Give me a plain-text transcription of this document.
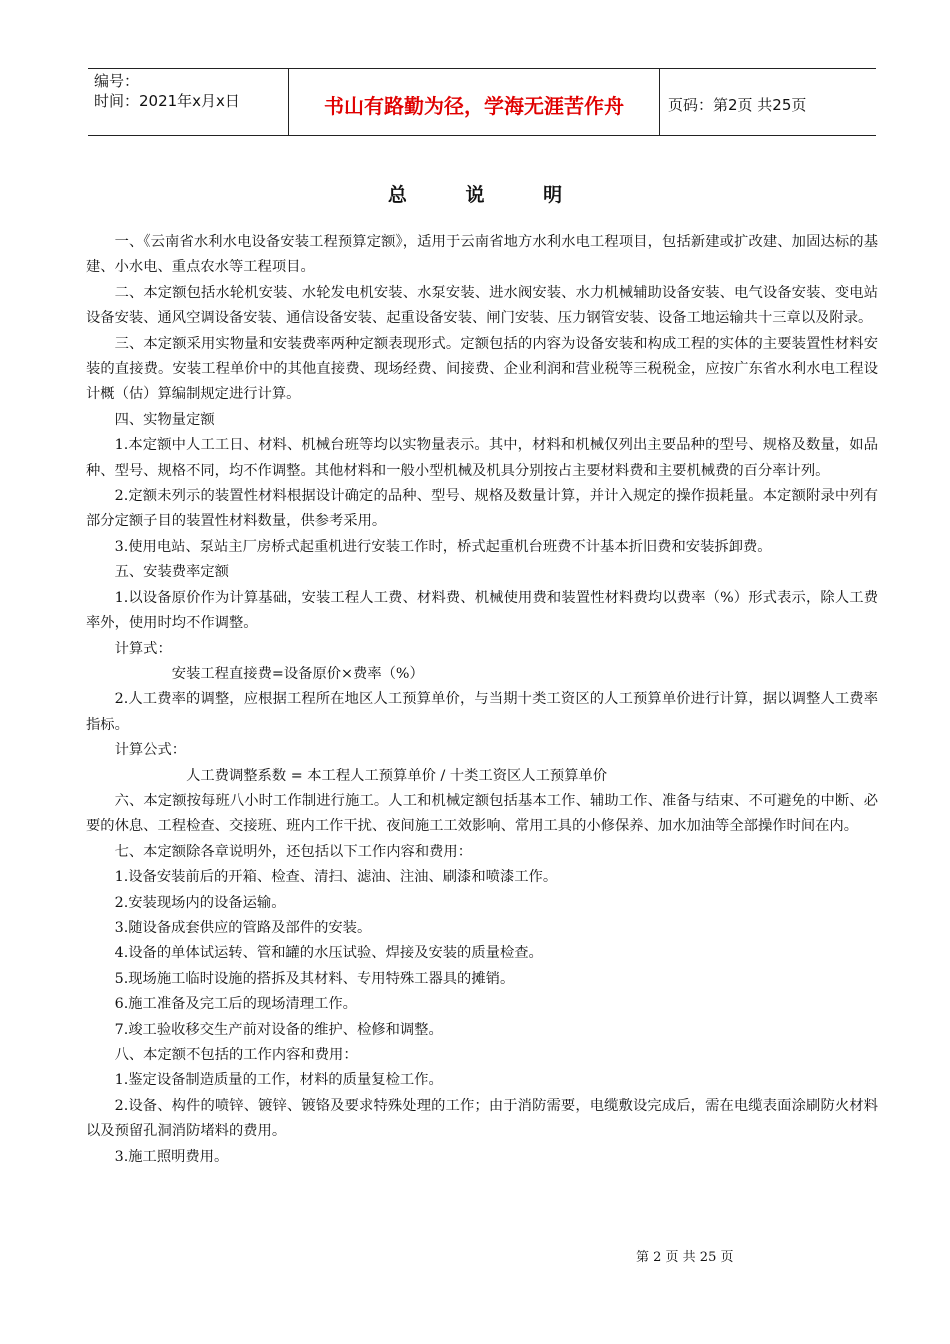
编号：
时间：2021年x月x日	书山有路勤为径，学海无涯苦作舟	页码：第2页 共25页
总 说 明

一、《云南省水利水电设备安装工程预算定额》，适用于云南省地方水利水电工程项目，包括新建或扩改建、加固达标的基建、小水电、重点农水等工程项目。

二、本定额包括水轮机安装、水轮发电机安装、水泵安装、进水阀安装、水力机械辅助设备安装、电气设备安装、变电站设备安装、通风空调设备安装、通信设备安装、起重设备安装、闸门安装、压力钢管安装、设备工地运输共十三章以及附录。

三、本定额采用实物量和安装费率两种定额表现形式。定额包括的内容为设备安装和构成工程的实体的主要装置性材料安装的直接费。安装工程单价中的其他直接费、现场经费、间接费、企业利润和营业税等三税税金，应按广东省水利水电工程设计概（估）算编制规定进行计算。

四、实物量定额

1.本定额中人工工日、材料、机械台班等均以实物量表示。其中，材料和机械仅列出主要品种的型号、规格及数量，如品种、型号、规格不同，均不作调整。其他材料和一般小型机械及机具分别按占主要材料费和主要机械费的百分率计列。

2.定额未列示的装置性材料根据设计确定的品种、型号、规格及数量计算，并计入规定的操作损耗量。本定额附录中列有部分定额子目的装置性材料数量，供参考采用。

3.使用电站、泵站主厂房桥式起重机进行安装工作时，桥式起重机台班费不计基本折旧费和安装拆卸费。

五、安装费率定额

1.以设备原价作为计算基础，安装工程人工费、材料费、机械使用费和装置性材料费均以费率（%）形式表示，除人工费率外，使用时均不作调整。

计算式：

安装工程直接费=设备原价×费率（%）

2.人工费率的调整，应根据工程所在地区人工预算单价，与当期十类工资区的人工预算单价进行计算，据以调整人工费率指标。

计算公式：

人工费调整系数 = 本工程人工预算单价 / 十类工资区人工预算单价

六、本定额按每班八小时工作制进行施工。人工和机械定额包括基本工作、辅助工作、准备与结束、不可避免的中断、必要的休息、工程检查、交接班、班内工作干扰、夜间施工工效影响、常用工具的小修保养、加水加油等全部操作时间在内。

七、本定额除各章说明外，还包括以下工作内容和费用：

1.设备安装前后的开箱、检查、清扫、滤油、注油、刷漆和喷漆工作。

2.安装现场内的设备运输。

3.随设备成套供应的管路及部件的安装。

4.设备的单体试运转、管和罐的水压试验、焊接及安装的质量检查。

5.现场施工临时设施的搭拆及其材料、专用特殊工器具的摊销。

6.施工准备及完工后的现场清理工作。

7.竣工验收移交生产前对设备的维护、检修和调整。

八、本定额不包括的工作内容和费用：

1.鉴定设备制造质量的工作，材料的质量复检工作。

2.设备、构件的喷锌、镀锌、镀铬及要求特殊处理的工作；由于消防需要，电缆敷设完成后，需在电缆表面涂刷防火材料以及预留孔洞消防堵料的费用。

3.施工照明费用。

第 2 页 共 25 页
